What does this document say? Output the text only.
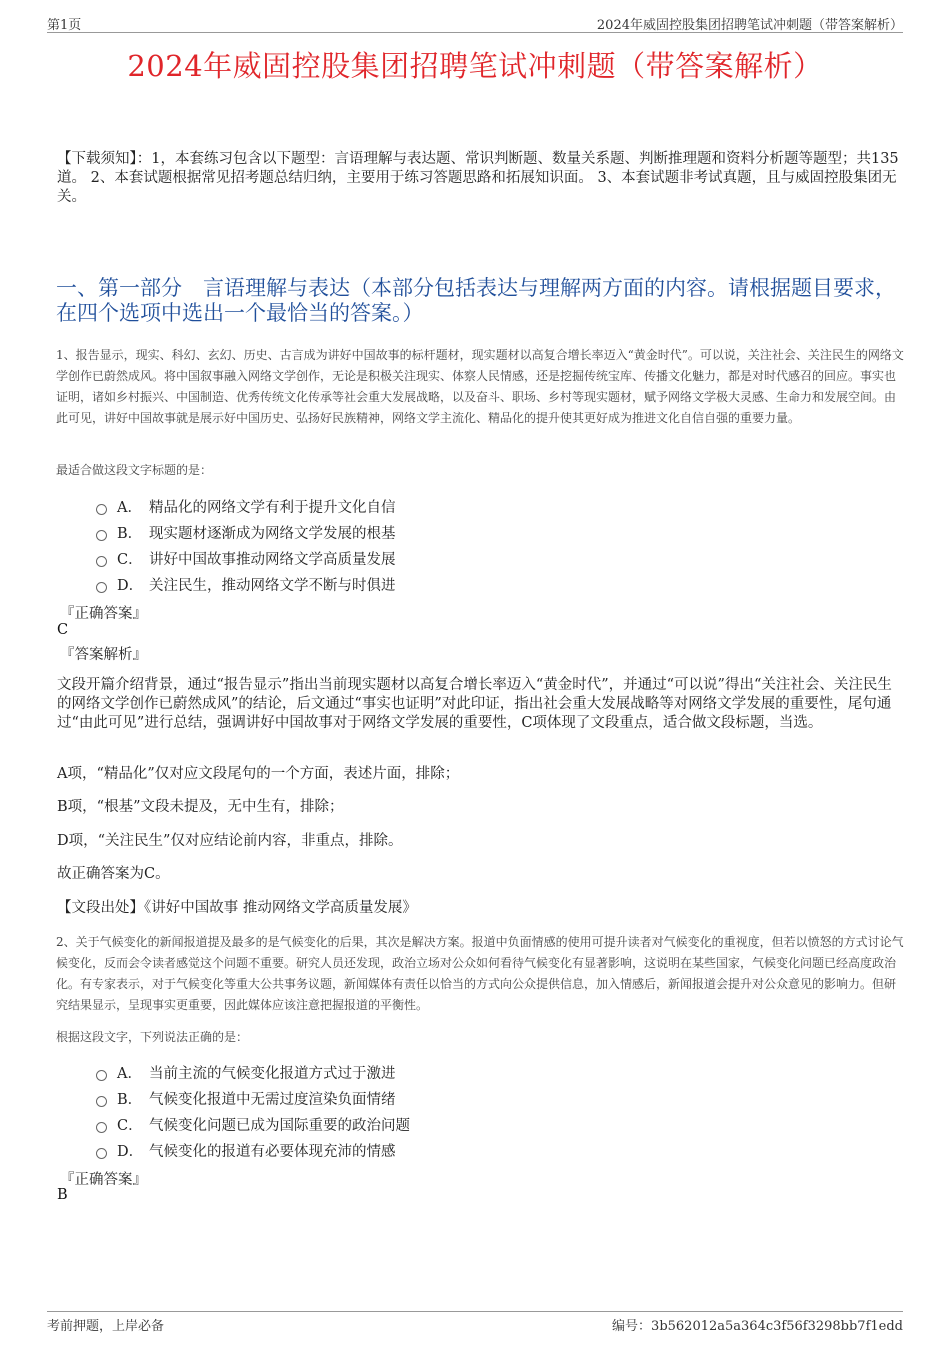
第1页	2024年威固控股集团招聘笔试冲刺题（带答案解析）
2024年威固控股集团招聘笔试冲刺题（带答案解析）
【下载须知】：1，本套练习包含以下题型：言语理解与表达题、常识判断题、数量关系题、判断推理题和资料分析题等题型；共135道。 2、本套试题根据常见招考题总结归纳，主要用于练习答题思路和拓展知识面。 3、本套试题非考试真题，且与威固控股集团无关。
一、第一部分　言语理解与表达（本部分包括表达与理解两方面的内容。请根据题目要求，在四个选项中选出一个最恰当的答案。）
1、报告显示，现实、科幻、玄幻、历史、古言成为讲好中国故事的标杆题材，现实题材以高复合增长率迈入“黄金时代”。可以说，关注社会、关注民生的网络文学创作已蔚然成风。将中国叙事融入网络文学创作，无论是积极关注现实、体察人民情感，还是挖掘传统宝库、传播文化魅力，都是对时代感召的回应。事实也证明，诸如乡村振兴、中国制造、优秀传统文化传承等社会重大发展战略，以及奋斗、职场、乡村等现实题材，赋予网络文学极大灵感、生命力和发展空间。由此可见，讲好中国故事就是展示好中国历史、弘扬好民族精神，网络文学主流化、精品化的提升使其更好成为推进文化自信自强的重要力量。
最适合做这段文字标题的是：
A． 精品化的网络文学有利于提升文化自信
B． 现实题材逐渐成为网络文学发展的根基
C． 讲好中国故事推动网络文学高质量发展
D． 关注民生，推动网络文学不断与时俱进
『正确答案』
C
『答案解析』
文段开篇介绍背景，通过“报告显示”指出当前现实题材以高复合增长率迈入“黄金时代”，并通过“可以说”得出“关注社会、关注民生的网络文学创作已蔚然成风”的结论，后文通过“事实也证明”对此印证，指出社会重大发展战略等对网络文学发展的重要性，尾句通过“由此可见”进行总结，强调讲好中国故事对于网络文学发展的重要性，C项体现了文段重点，适合做文段标题，当选。
A项，“精品化”仅对应文段尾句的一个方面，表述片面，排除；
B项，“根基”文段未提及，无中生有，排除；
D项，“关注民生”仅对应结论前内容，非重点，排除。
故正确答案为C。
【文段出处】《讲好中国故事 推动网络文学高质量发展》
2、关于气候变化的新闻报道提及最多的是气候变化的后果，其次是解决方案。报道中负面情感的使用可提升读者对气候变化的重视度，但若以愤怒的方式讨论气候变化，反而会令读者感觉这个问题不重要。研究人员还发现，政治立场对公众如何看待气候变化有显著影响，这说明在某些国家，气候变化问题已经高度政治化。有专家表示，对于气候变化等重大公共事务议题，新闻媒体有责任以恰当的方式向公众提供信息，加入情感后，新闻报道会提升对公众意见的影响力。但研究结果显示，呈现事实更重要，因此媒体应该注意把握报道的平衡性。
根据这段文字，下列说法正确的是：
A． 当前主流的气候变化报道方式过于激进
B． 气候变化报道中无需过度渲染负面情绪
C． 气候变化问题已成为国际重要的政治问题
D． 气候变化的报道有必要体现充沛的情感
『正确答案』
B
考前押题，上岸必备	编号：3b562012a5a364c3f56f3298bb7f1edd
